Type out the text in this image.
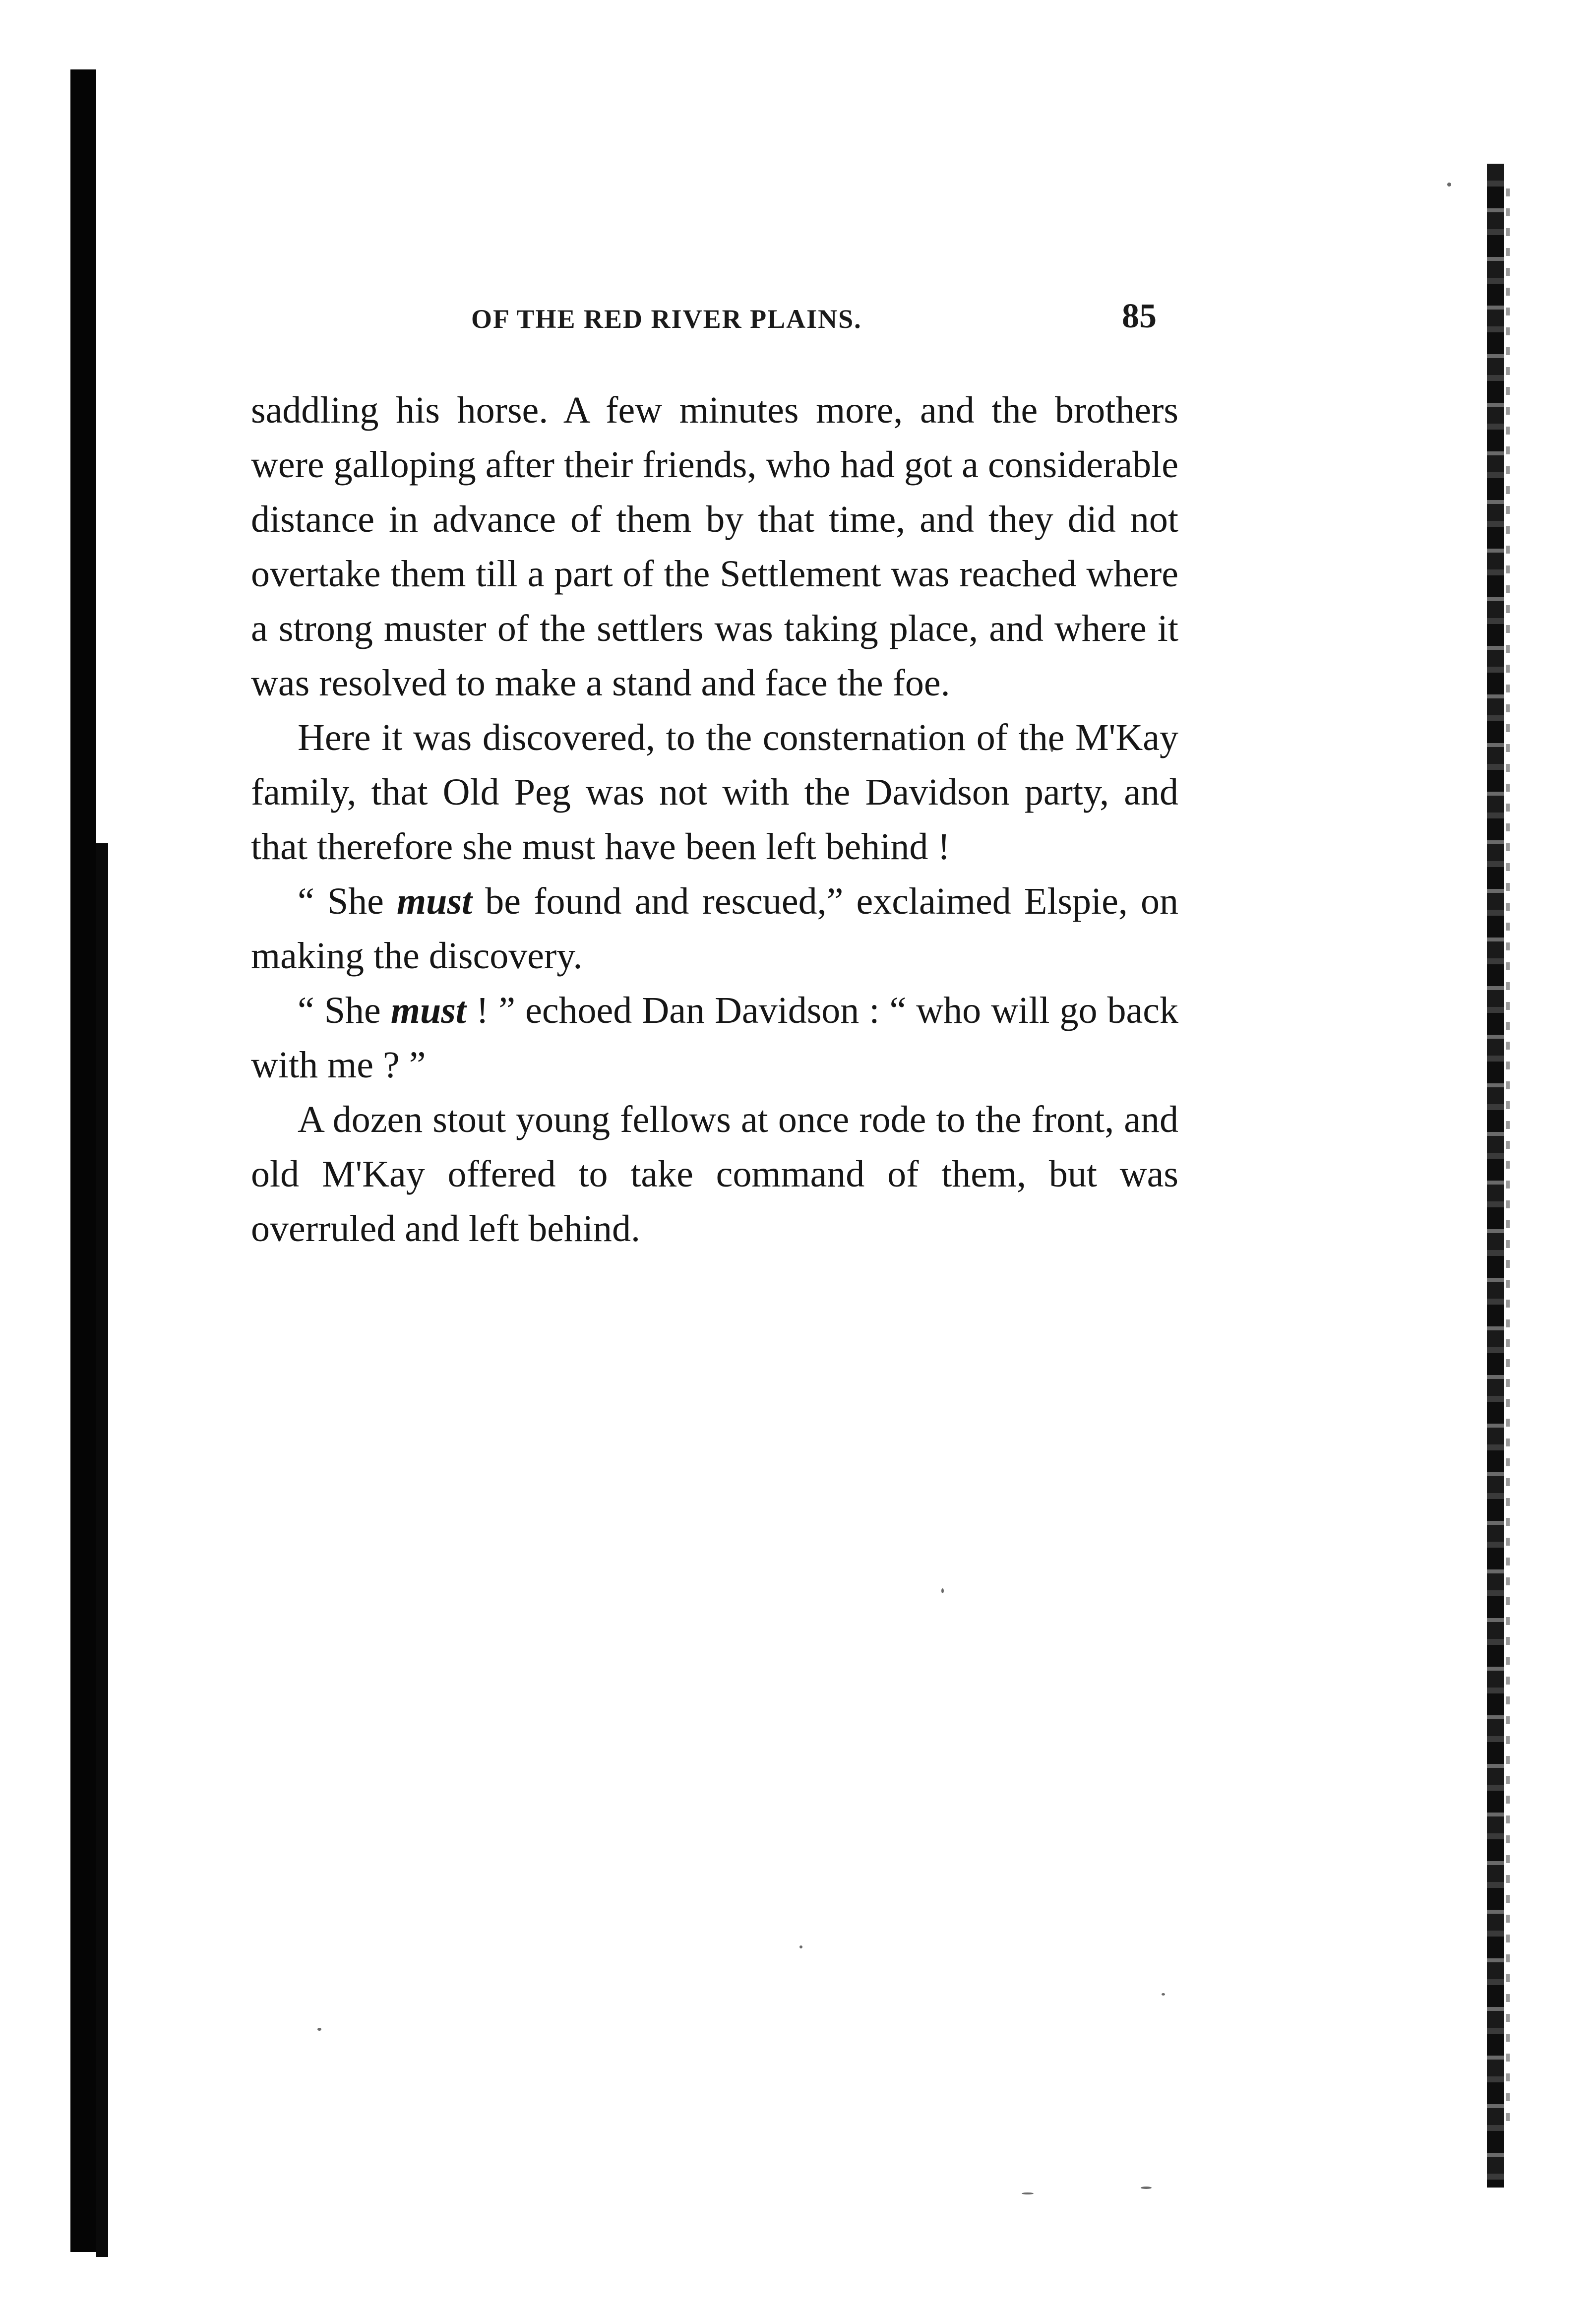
OF THE RED RIVER PLAINS.	85

saddling his horse. A few minutes more, and the brothers were galloping after their friends, who had got a considerable distance in advance of them by that time, and they did not overtake them till a part of the Settlement was reached where a strong muster of the settlers was taking place, and where it was resolved to make a stand and face the foe.

Here it was discovered, to the consternation of the M'Kay family, that Old Peg was not with the Davidson party, and that therefore she must have been left behind !

“ She must be found and rescued,” exclaimed Elspie, on making the discovery.

“ She must ! ” echoed Dan Davidson : “ who will go back with me ? ”

A dozen stout young fellows at once rode to the front, and old M'Kay offered to take command of them, but was overruled and left behind.
